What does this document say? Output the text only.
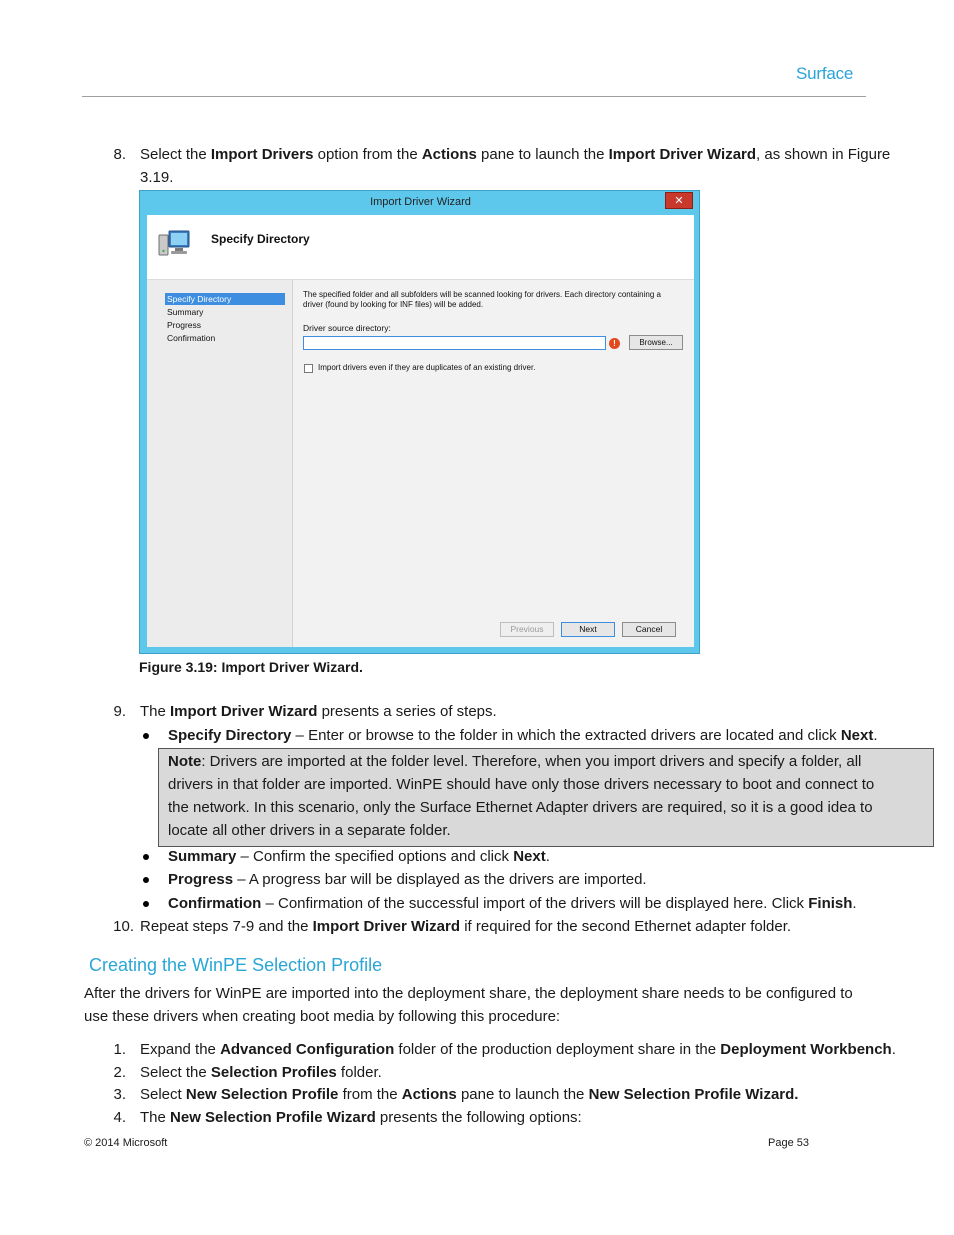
Surface
8. Select the Import Drivers option from the Actions pane to launch the Import Driver Wizard, as shown in Figure
3.19.
Import Driver Wizard	✕
Specify Directory
Specify Directory
Summary
Progress
Confirmation
The specified folder and all subfolders will be scanned looking for drivers. Each directory containing a driver (found by looking for INF files) will be added.
Driver source directory:
!	Browse...
Import drivers even if they are duplicates of an existing driver.
Previous	Next	Cancel
Figure 3.19: Import Driver Wizard.
9. The Import Driver Wizard presents a series of steps.
Specify Directory – Enter or browse to the folder in which the extracted drivers are located and click Next.
Note: Drivers are imported at the folder level. Therefore, when you import drivers and specify a folder, all
drivers in that folder are imported. WinPE should have only those drivers necessary to boot and connect to
the network. In this scenario, only the Surface Ethernet Adapter drivers are required, so it is a good idea to
locate all other drivers in a separate folder.
Summary – Confirm the specified options and click Next.
Progress – A progress bar will be displayed as the drivers are imported.
Confirmation – Confirmation of the successful import of the drivers will be displayed here. Click Finish.
10. Repeat steps 7-9 and the Import Driver Wizard if required for the second Ethernet adapter folder.
Creating the WinPE Selection Profile
After the drivers for WinPE are imported into the deployment share, the deployment share needs to be configured to
use these drivers when creating boot media by following this procedure:
1. Expand the Advanced Configuration folder of the production deployment share in the Deployment Workbench.
2. Select the Selection Profiles folder.
3. Select New Selection Profile from the Actions pane to launch the New Selection Profile Wizard.
4. The New Selection Profile Wizard presents the following options:
© 2014 Microsoft	Page 53
